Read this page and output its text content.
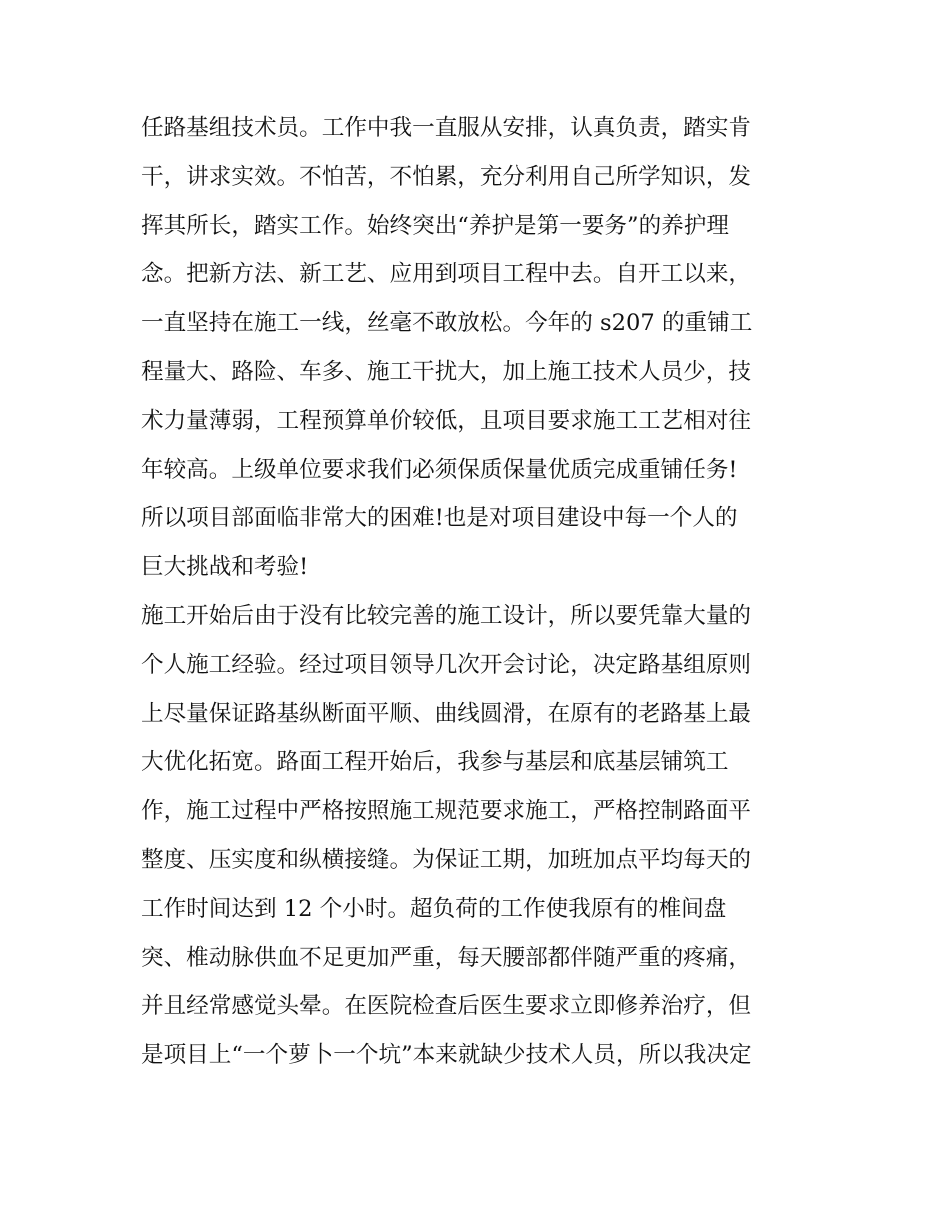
任路基组技术员。工作中我一直服从安排，认真负责，踏实肯
干，讲求实效。不怕苦，不怕累，充分利用自己所学知识，发
挥其所长，踏实工作。始终突出“养护是第一要务”的养护理
念。把新方法、新工艺、应用到项目工程中去。自开工以来，
一直坚持在施工一线，丝毫不敢放松。今年的 s207 的重铺工
程量大、路险、车多、施工干扰大，加上施工技术人员少，技
术力量薄弱，工程预算单价较低，且项目要求施工工艺相对往
年较高。上级单位要求我们必须保质保量优质完成重铺任务!
所以项目部面临非常大的困难!也是对项目建设中每一个人的
巨大挑战和考验!
施工开始后由于没有比较完善的施工设计，所以要凭靠大量的
个人施工经验。经过项目领导几次开会讨论，决定路基组原则
上尽量保证路基纵断面平顺、曲线圆滑，在原有的老路基上最
大优化拓宽。路面工程开始后，我参与基层和底基层铺筑工
作，施工过程中严格按照施工规范要求施工，严格控制路面平
整度、压实度和纵横接缝。为保证工期，加班加点平均每天的
工作时间达到 12 个小时。超负荷的工作使我原有的椎间盘
突、椎动脉供血不足更加严重，每天腰部都伴随严重的疼痛，
并且经常感觉头晕。在医院检查后医生要求立即修养治疗，但
是项目上“一个萝卜一个坑”本来就缺少技术人员，所以我决定
